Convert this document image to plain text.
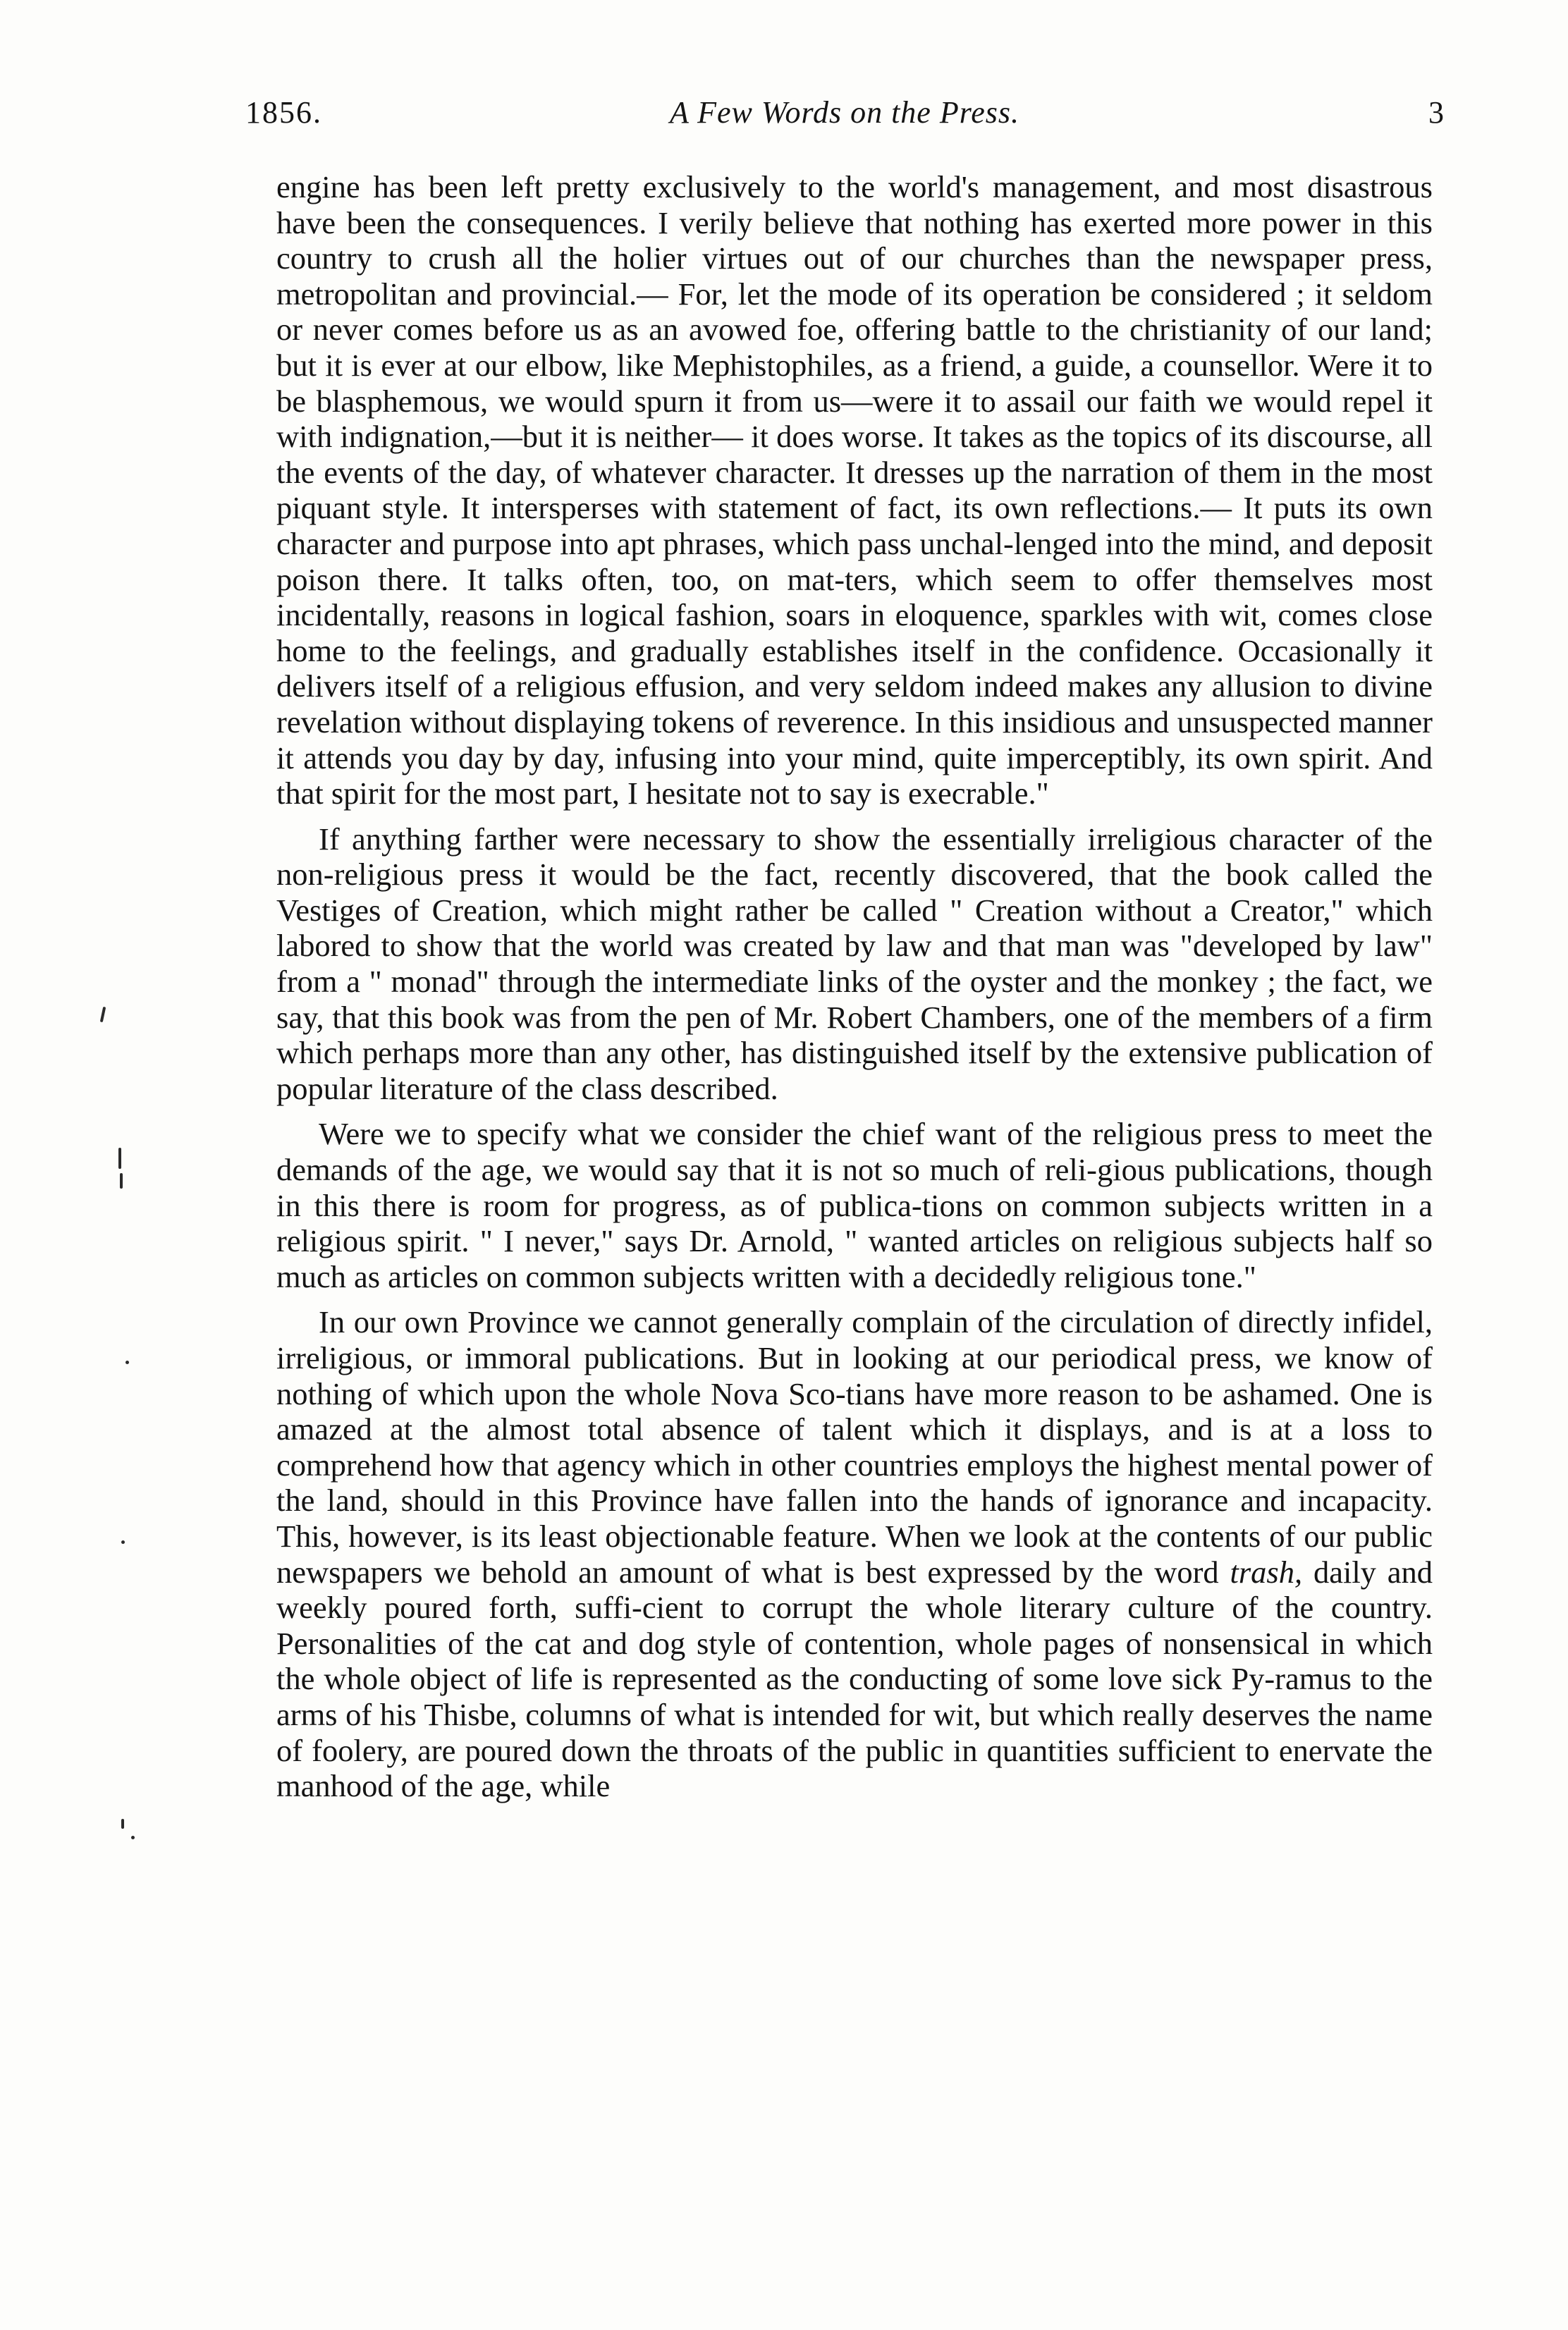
1856.	A Few Words on the Press.	3

engine has been left pretty exclusively to the world's management, and most disastrous have been the consequences. I verily believe that nothing has exerted more power in this country to crush all the holier virtues out of our churches than the newspaper press, metropolitan and provincial.— For, let the mode of its operation be considered ; it seldom or never comes before us as an avowed foe, offering battle to the christianity of our land; but it is ever at our elbow, like Mephistophiles, as a friend, a guide, a counsellor. Were it to be blasphemous, we would spurn it from us—were it to assail our faith we would repel it with indignation,—but it is neither— it does worse. It takes as the topics of its discourse, all the events of the day, of whatever character. It dresses up the narration of them in the most piquant style. It intersperses with statement of fact, its own reflections.— It puts its own character and purpose into apt phrases, which pass unchal-lenged into the mind, and deposit poison there. It talks often, too, on mat-ters, which seem to offer themselves most incidentally, reasons in logical fashion, soars in eloquence, sparkles with wit, comes close home to the feelings, and gradually establishes itself in the confidence. Occasionally it delivers itself of a religious effusion, and very seldom indeed makes any allusion to divine revelation without displaying tokens of reverence. In this insidious and unsuspected manner it attends you day by day, infusing into your mind, quite imperceptibly, its own spirit. And that spirit for the most part, I hesitate not to say is execrable."

If anything farther were necessary to show the essentially irreligious character of the non-religious press it would be the fact, recently discovered, that the book called the Vestiges of Creation, which might rather be called " Creation without a Creator," which labored to show that the world was created by law and that man was "developed by law" from a " monad" through the intermediate links of the oyster and the monkey ; the fact, we say, that this book was from the pen of Mr. Robert Chambers, one of the members of a firm which perhaps more than any other, has distinguished itself by the extensive publication of popular literature of the class described.

Were we to specify what we consider the chief want of the religious press to meet the demands of the age, we would say that it is not so much of reli-gious publications, though in this there is room for progress, as of publica-tions on common subjects written in a religious spirit. " I never," says Dr. Arnold, " wanted articles on religious subjects half so much as articles on common subjects written with a decidedly religious tone."

In our own Province we cannot generally complain of the circulation of directly infidel, irreligious, or immoral publications. But in looking at our periodical press, we know of nothing of which upon the whole Nova Sco-tians have more reason to be ashamed. One is amazed at the almost total absence of talent which it displays, and is at a loss to comprehend how that agency which in other countries employs the highest mental power of the land, should in this Province have fallen into the hands of ignorance and incapacity. This, however, is its least objectionable feature. When we look at the contents of our public newspapers we behold an amount of what is best expressed by the word trash, daily and weekly poured forth, suffi-cient to corrupt the whole literary culture of the country. Personalities of the cat and dog style of contention, whole pages of nonsensical in which the whole object of life is represented as the conducting of some love sick Py-ramus to the arms of his Thisbe, columns of what is intended for wit, but which really deserves the name of foolery, are poured down the throats of the public in quantities sufficient to enervate the manhood of the age, while
